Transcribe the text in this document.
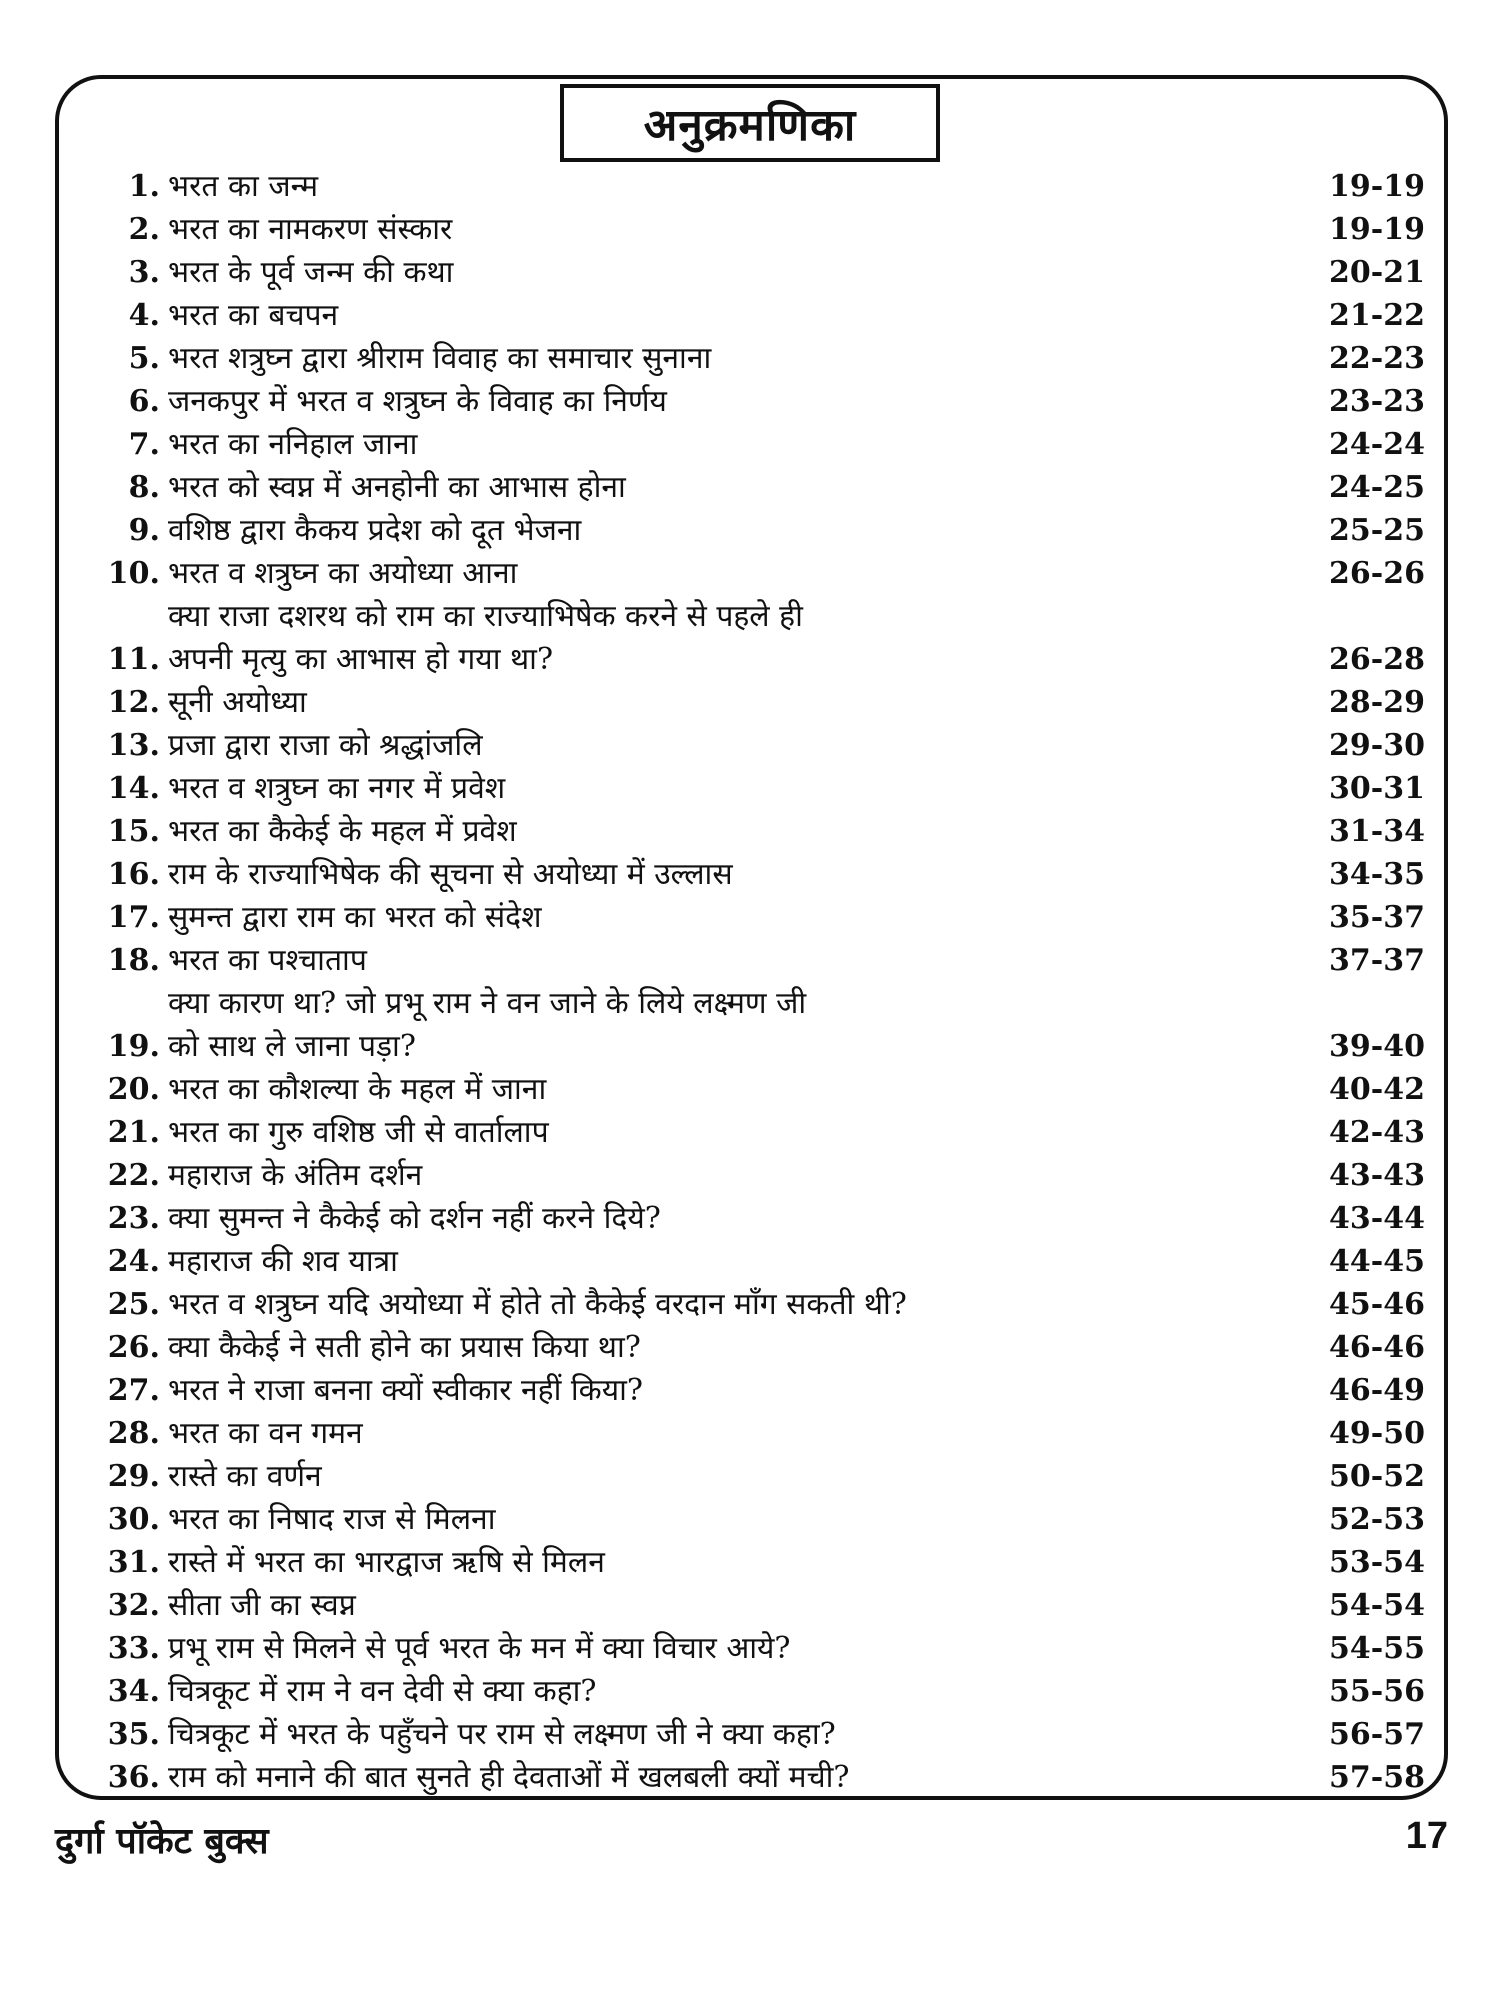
अनुक्रमणिका
1. भरत का जन्म	19-19
2. भरत का नामकरण संस्कार	19-19
3. भरत के पूर्व जन्म की कथा	20-21
4. भरत का बचपन	21-22
5. भरत शत्रुघ्न द्वारा श्रीराम विवाह का समाचार सुनाना	22-23
6. जनकपुर में भरत व शत्रुघ्न के विवाह का निर्णय	23-23
7. भरत का ननिहाल जाना	24-24
8. भरत को स्वप्न में अनहोनी का आभास होना	24-25
9. वशिष्ठ द्वारा कैकय प्रदेश को दूत भेजना	25-25
10. भरत व शत्रुघ्न का अयोध्या आना	26-26
11.
क्या राजा दशरथ को राम का राज्याभिषेक करने से पहले ही
अपनी मृत्यु का आभास हो गया था?	26-28
12. सूनी अयोध्या	28-29
13. प्रजा द्वारा राजा को श्रद्धांजलि	29-30
14. भरत व शत्रुघ्न का नगर में प्रवेश	30-31
15. भरत का कैकेई के महल में प्रवेश	31-34
16. राम के राज्याभिषेक की सूचना से अयोध्या में उल्लास	34-35
17. सुमन्त द्वारा राम का भरत को संदेश	35-37
18. भरत का पश्चाताप	37-37
19.
क्या कारण था? जो प्रभू राम ने वन जाने के लिये लक्ष्मण जी
को साथ ले जाना पड़ा?	39-40
20. भरत का कौशल्या के महल में जाना	40-42
21. भरत का गुरु वशिष्ठ जी से वार्तालाप	42-43
22. महाराज के अंतिम दर्शन	43-43
23. क्या सुमन्त ने कैकेई को दर्शन नहीं करने दिये?	43-44
24. महाराज की शव यात्रा	44-45
25. भरत व शत्रुघ्न यदि अयोध्या में होते तो कैकेई वरदान माँग सकती थी?	45-46
26. क्या कैकेई ने सती होने का प्रयास किया था?	46-46
27. भरत ने राजा बनना क्यों स्वीकार नहीं किया?	46-49
28. भरत का वन गमन	49-50
29. रास्ते का वर्णन	50-52
30. भरत का निषाद राज से मिलना	52-53
31. रास्ते में भरत का भारद्वाज ऋषि से मिलन	53-54
32. सीता जी का स्वप्न	54-54
33. प्रभू राम से मिलने से पूर्व भरत के मन में क्या विचार आये?	54-55
34. चित्रकूट में राम ने वन देवी से क्या कहा?	55-56
35. चित्रकूट में भरत के पहुँचने पर राम से लक्ष्मण जी ने क्या कहा?	56-57
36. राम को मनाने की बात सुनते ही देवताओं में खलबली क्यों मची?	57-58
दुर्गा पॉकेट बुक्स	17
